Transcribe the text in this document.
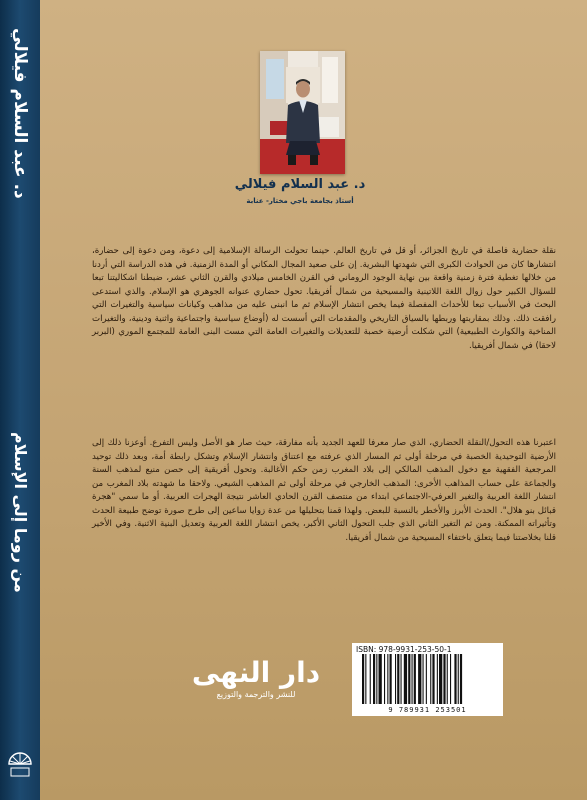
د. عبد السلام فيلالي
من روما إلى الإسلام
د. عبد السلام فيلالي
أستاذ بجامعة باجي مختار- عنابة

نقلة حضارية فاصلة في تاريخ الجزائر، أو قل في تاريخ العالم. حينما تحولت الرسالة الإسلامية إلى دعوة، ومن دعوة إلى حضارة، انتشارها كان من الحوادث الكبرى التي شهدتها البشرية. إن على صعيد المجال المكاني أو المدة الزمنية. في هذه الدراسة التي أردنا من خلالها تغطية فترة زمنية واقعة بين نهاية الوجود الروماني في القرن الخامس ميلادي والقرن الثاني عشر، ضبطنا اشكاليتنا تبعا للسؤال الكبير حول زوال اللغة اللاتينية والمسيحية من شمال أفريقيا. تحول حضاري عنوانه الجوهري هو الإسلام. والذي استدعى البحث في الأسباب تبعا للأحداث المفصلة فيما يخص انتشار الإسلام ثم ما انبنى عليه من مذاهب وكيانات سياسية والتغيرات التي رافقت ذلك. وذلك بمقاربتها وربطها بالسياق التاريخي والمقدمات التي أسست له (أوضاع سياسية واجتماعية واثنية ودينية، والتغيرات المناخية والكوارث الطبيعية) التي شكلت أرضية خصبة للتعديلات والتغيرات العامة التي مست البنى العامة للمجتمع الموري (البربر لاحقا) في شمال أفريقيا.

اعتبرنا هذه التحول/النقلة الحضاري، الذي صار معرفا للعهد الجديد بأنه مفارقة، حيث صار هو الأصل وليس التفرع. أوعزنا ذلك إلى الأرضية التوحيدية الخصبة في مرحلة أولى ثم المسار الذي عرفته مع اعتناق وانتشار الإسلام وتشكل رابطة أمة، وبعد ذلك توحيد المرجعية الفقهية مع دخول المذهب المالكي إلى بلاد المغرب زمن حكم الأغالبة. وتحول أفريقية إلى حصن منيع لمذهب السنة والجماعة على حساب المذاهب الأخرى: المذهب الخارجي في مرحلة أولى ثم المذهب الشيعي. ولاحقا ما شهدته بلاد المغرب من انتشار اللغة العربية والتغير العرفي-الاجتماعي ابتداء من منتصف القرن الحادي العاشر نتيجة الهجرات العربية. أو ما سمي "هجرة قبائل بنو هلال". الحدث الأبرز والأخطر بالنسبة للبعض. ولهذا قمنا بتحليلها من عدة زوايا ساعين إلى طرح صورة توضح طبيعة الحدث وتأثيراته الممكنة. ومن ثم التغير الثاني الذي جلب التحول الثاني الأكبر، يخص انتشار اللغة العربية وتعديل البنية الاثنية. وفي الأخير قلنا بخلاصتنا فيما يتعلق باختفاء المسيحية من شمال أفريقيا.

دار النهى
للنشر والترجمة والتوزيع
ISBN: 978-9931-253-50-1
9 789931 253501
